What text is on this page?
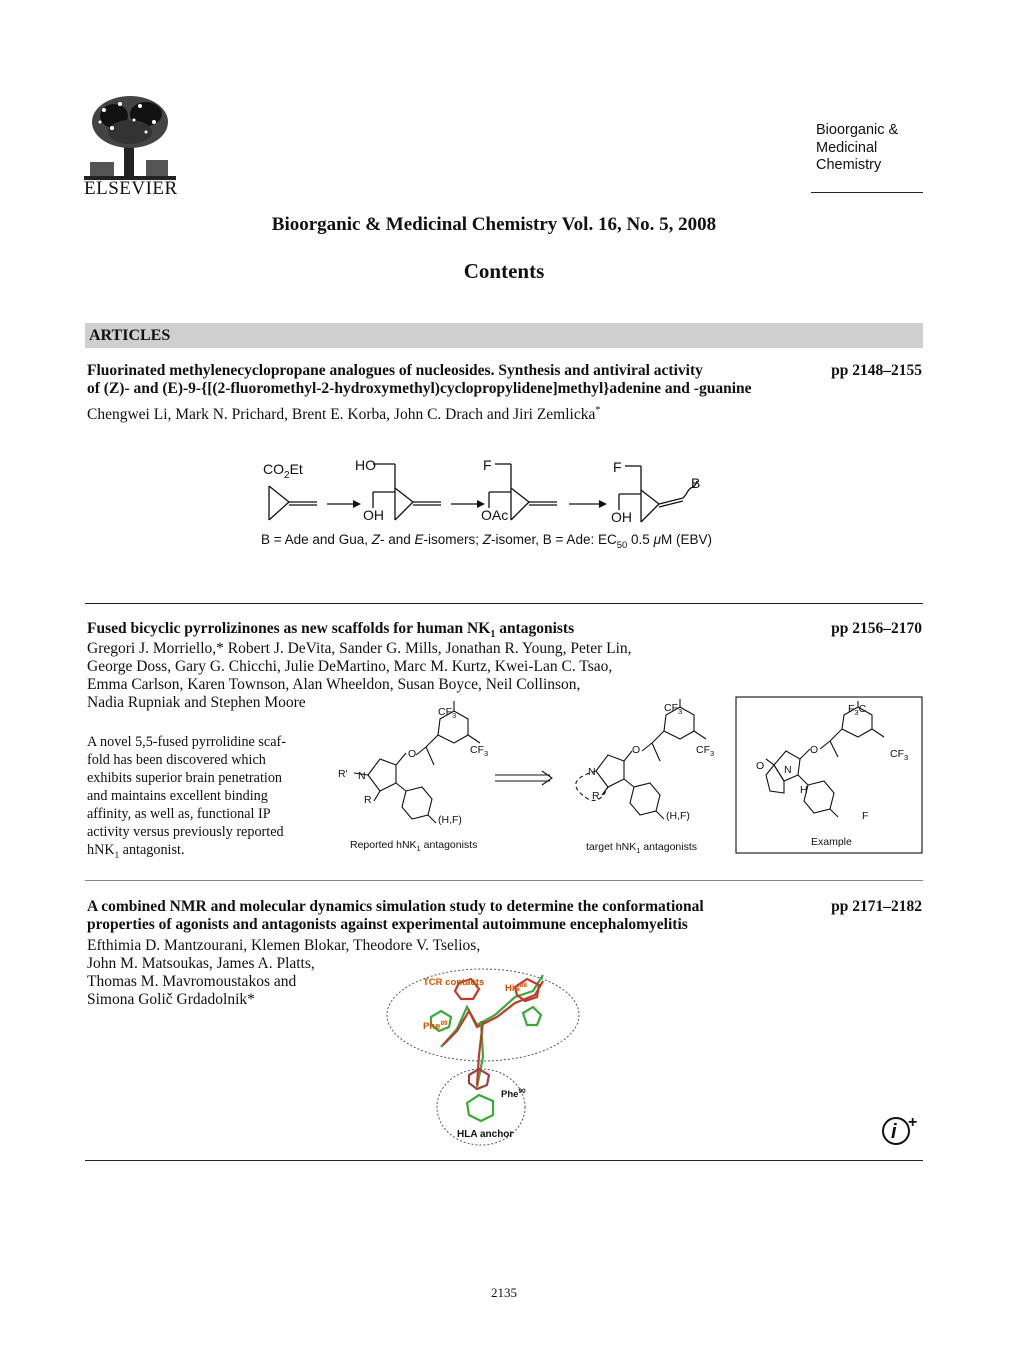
ELSEVIER
Bioorganic &
Medicinal
Chemistry
Bioorganic & Medicinal Chemistry Vol. 16, No. 5, 2008
Contents
ARTICLES
Fluorinated methylenecyclopropane analogues of nucleosides. Synthesis and antiviral activity
of (Z)- and (E)-9-{[(2-fluoromethyl-2-hydroxymethyl)cyclopropylidene]methyl}adenine and -guanine
pp 2148–2155
Chengwei Li, Mark N. Prichard, Brent E. Korba, John C. Drach and Jiri Zemlicka*
$CO_2Et$	HO
OH
F
OAc
F
B
OH
B = Ade and Gua, Z- and E-isomers; Z-isomer, B = Ade: $EC_{50}$ 0.5 μM (EBV)
Fused bicyclic pyrrolizinones as new scaffolds for human $NK_1$ antagonists	pp 2156–2170
Gregori J. Morriello,* Robert J. DeVita, Sander G. Mills, Jonathan R. Young, Peter Lin,
George Doss, Gary G. Chicchi, Julie DeMartino, Marc M. Kurtz, Kwei-Lan C. Tsao,
Emma Carlson, Karen Townson, Alan Wheeldon, Susan Boyce, Neil Collinson,
Nadia Rupniak and Stephen Moore
A novel 5,5-fused pyrrolidine scaf-
fold has been discovered which
exhibits superior brain penetration
and maintains excellent binding
affinity, as well as, functional IP
activity versus previously reported
hNK$_1$ antagonist.
$CF_3$
$CF_3$
R' N
O
R
(H,F)
$CF_3$
$CF_3$
N
O
R
(H,F)
$F_3C$
$CF_3$
O N
O
H
F
Reported hNK$_1$ antagonists	target hNK$_1$ antagonists	Example
A combined NMR and molecular dynamics simulation study to determine the conformational
properties of agonists and antagonists against experimental autoimmune encephalomyelitis
pp 2171–2182
Efthimia D. Mantzourani, Klemen Blokar, Theodore V. Tselios,
John M. Matsoukas, James A. Platts,
Thomas M. Mavromoustakos and
Simona Golič Grdadolnik*
TCR contacts
His$^{88}$
Phe$^{89}$
Phe$^{90}$
HLA anchor	i +
2135
